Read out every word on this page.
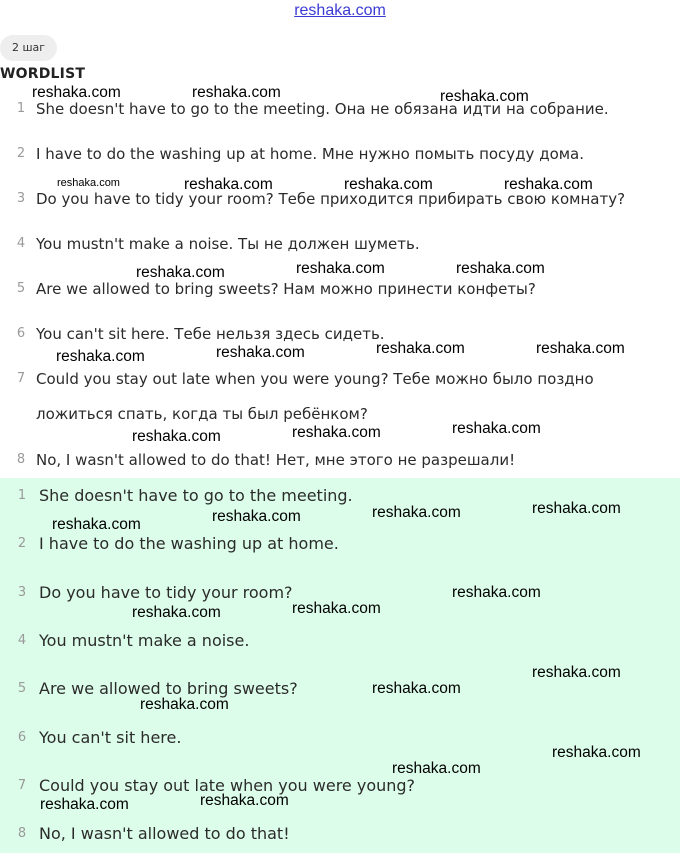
reshaka.com
2 шаг
WORDLIST
1 She doesn't have to go to the meeting. Она не обязана идти на собрание.
2 I have to do the washing up at home. Мне нужно помыть посуду дома.
3 Do you have to tidy your room? Тебе приходится прибирать свою комнату?
4 You mustn't make a noise. Ты не должен шуметь.
5 Are we allowed to bring sweets? Нам можно принести конфеты?
6 You can't sit here. Тебе нельзя здесь сидеть.
7 Could you stay out late when you were young? Тебе можно было поздно
ложиться спать, когда ты был ребёнком?
8 No, I wasn't allowed to do that! Нет, мне этого не разрешали!
1 She doesn't have to go to the meeting.
2 I have to do the washing up at home.
3 Do you have to tidy your room?
4 You mustn't make a noise.
5 Are we allowed to bring sweets?
6 You can't sit here.
7 Could you stay out late when you were young?
8 No, I wasn't allowed to do that!
reshaka.com	reshaka.com	reshaka.com
reshaka.com	reshaka.com	reshaka.com	reshaka.com
reshaka.com	reshaka.com	reshaka.com
reshaka.com	reshaka.com	reshaka.com	reshaka.com
reshaka.com	reshaka.com	reshaka.com
reshaka.com	reshaka.com	reshaka.com	reshaka.com
reshaka.com	reshaka.com
reshaka.com
reshaka.com
reshaka.com
reshaka.com
reshaka.com
reshaka.com
reshaka.com	reshaka.com
